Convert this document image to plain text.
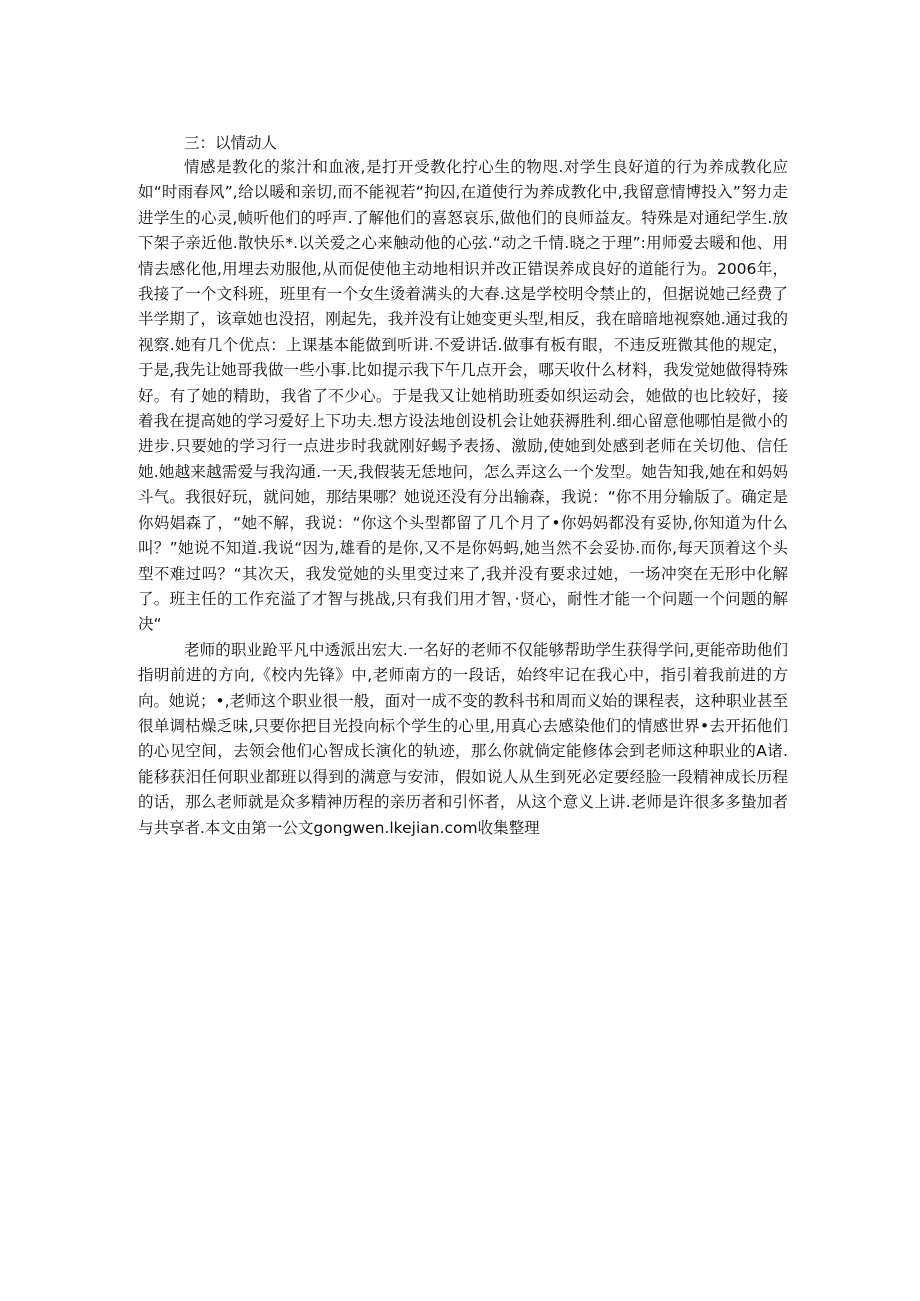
三：以情动人

情感是教化的浆汁和血液,是打开受教化拧心生的物咫.对学生良好道的行为养成教化应如“时雨春风”,给以暖和亲切,而不能视若“拘囚,在道使行为养成教化中,我留意情博投入”努力走进学生的心灵,帧听他们的呼声.了解他们的喜怒哀乐,做他们的良师益友。特殊是对通纪学生.放下架子亲近他.散快乐*.以关爱之心来触动他的心弦.“动之千情.晓之于理”:用师爱去暖和他、用情去感化他,用埋去劝服他,从而促使他主动地相识并改正错误养成良好的道能行为。2006年，我接了一个文科班，班里有一个女生烫着满头的大春.这是学校明令禁止的，但据说她己经费了半学期了，该章她也没招，刚起先，我并没有让她变更头型,相反，我在暗暗地视察她.通过我的视察.她有几个优点：上课基本能做到听讲.不爱讲话.做事有板有眼，不违反班微其他的规定，于是,我先让她哥我做一些小事.比如提示我下午几点开会，哪天收什么材料，我发觉她做得特殊好。有了她的精助，我省了不少心。于是我又让她梢助班委如织运动会，她做的也比较好，接着我在提高她的学习爱好上下功夫.想方设法地创设机会让她获褥胜利.细心留意他哪怕是微小的进步.只要她的学习行一点进步时我就刚好蜴予表扬、激励,使她到处感到老师在关切他、信任她.她越来越需爱与我沟通.一天,我假装无恁地问，怎么弄这么一个发型。她告知我,她在和妈妈斗气。我很好玩，就问她，那结果哪？她说还没有分出输森，我说：“你不用分输版了。确定是你妈娼森了，“她不解，我说：“你这个头型都留了几个月了•你妈妈都没有妥协,你知道为什么叫？”她说不知道.我说“因为,雄看的是你,又不是你妈蚂,她当然不会妥协.而你,每天顶着这个头型不难过吗？“其次天，我发觉她的头里变过来了,我并没有要求过她，一场冲突在无形中化解了。班主任的工作充溢了才智与挑战,只有我们用才智，·贤心，耐性才能一个问题一个问题的解决“

老师的职业跄平凡中透派出宏大.一名好的老师不仅能够帮助学生获得学问,更能帝助他们指明前进的方向,《校内先锋》中,老师南方的一段话，始终牢记在我心中，指引着我前进的方向。她说；•,老师这个职业很一般，面对一成不变的教科书和周而义始的课程表，这种职业甚至很单调枯燥乏味,只要你把目光投向标个学生的心里,用真心去感染他们的情感世界•去开拓他们的心见空间，去领会他们心智成长演化的轨迹，那么你就倘定能修体会到老师这种职业的A诸.能移获汨任何职业都班以得到的满意与安沛，假如说人从生到死必定要经脸一段精神成长历程的话，那么老师就是众多精神历程的亲历者和引怀者，从这个意义上讲.老师是许很多多蛰加者与共享者.本文由第一公文gongwen.lkejian.com收集整理
